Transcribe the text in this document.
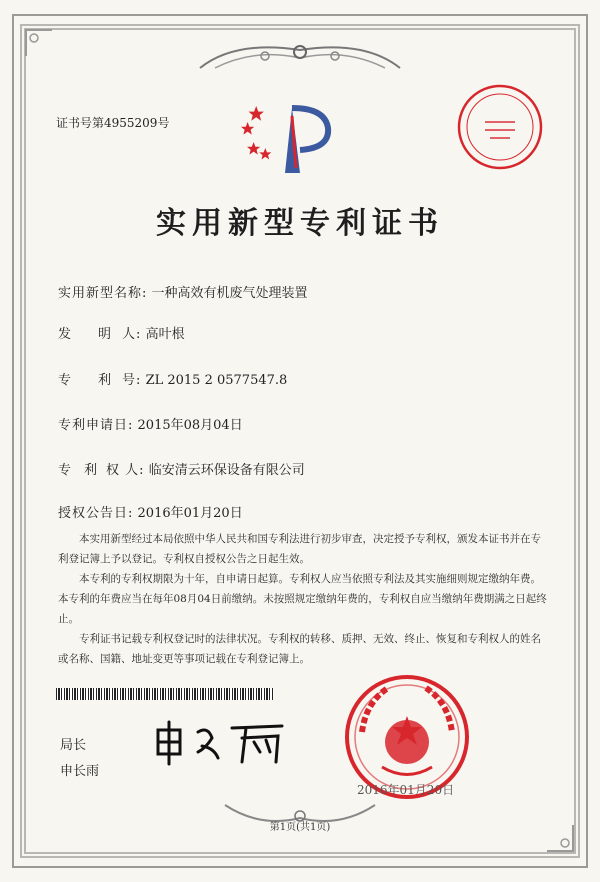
证书号第4955209号
实用新型专利证书
实用新型名称: 一种高效有机废气处理装置
发 明 人: 高叶根
专 利 号: ZL 2015 2 0577547.8
专利申请日: 2015年08月04日
专 利 权 人: 临安清云环保设备有限公司
授权公告日: 2016年01月20日

本实用新型经过本局依照中华人民共和国专利法进行初步审查，决定授予专利权，颁发本证书并在专利登记簿上予以登记。专利权自授权公告之日起生效。

本专利的专利权期限为十年，自申请日起算。专利权人应当依照专利法及其实施细则规定缴纳年费。本专利的年费应当在每年08月04日前缴纳。未按照规定缴纳年费的，专利权自应当缴纳年费期满之日起终止。

专利证书记载专利权登记时的法律状况。专利权的转移、质押、无效、终止、恢复和专利权人的姓名或名称、国籍、地址变更等事项记载在专利登记簿上。

局长
申长雨
2016年01月20日
第1页(共1页)
